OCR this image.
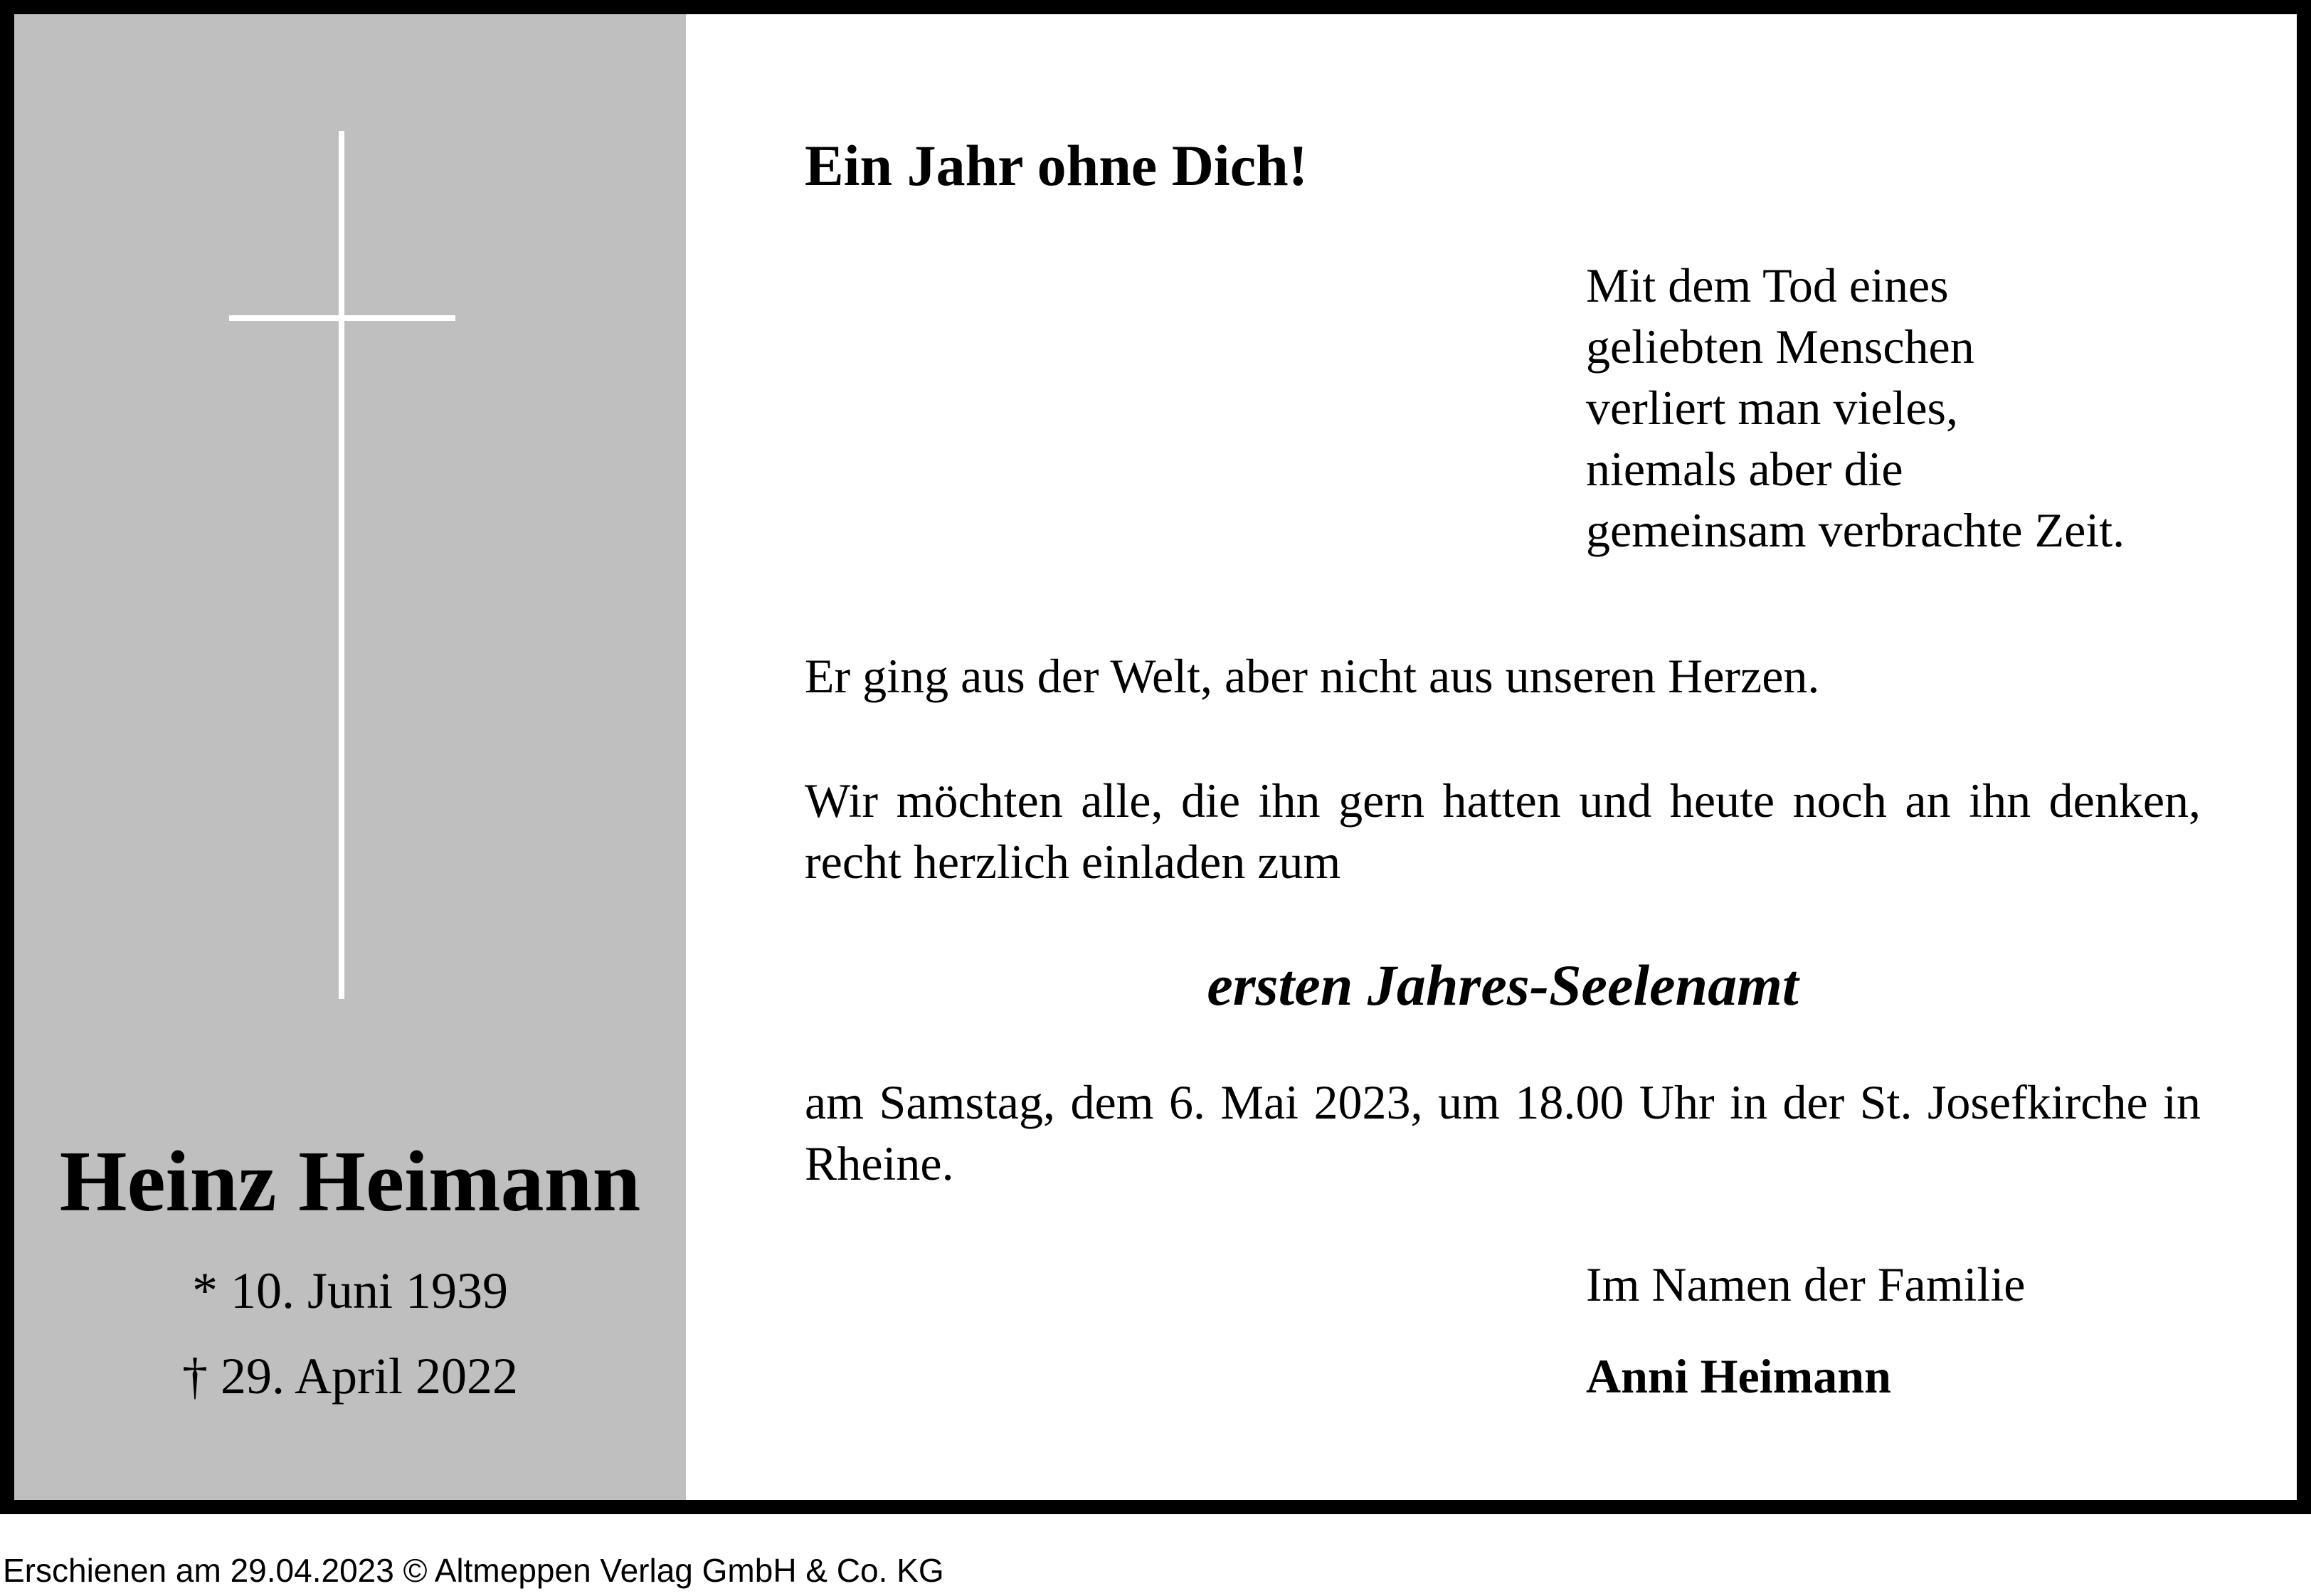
Heinz Heimann
* 10. Juni 1939
† 29. April 2022
Ein Jahr ohne Dich!
Mit dem Tod eines
geliebten Menschen
verliert man vieles,
niemals aber die
gemeinsam verbrachte Zeit.
Er ging aus der Welt, aber nicht aus unseren Herzen.
Wir möchten alle, die ihn gern hatten und heute noch an ihn denken, recht herzlich einladen zum
ersten Jahres-Seelenamt
am Samstag, dem 6. Mai 2023, um 18.00 Uhr in der St. Josefkirche in Rheine.
Im Namen der Familie
Anni Heimann
Erschienen am 29.04.2023 © Altmeppen Verlag GmbH & Co. KG
